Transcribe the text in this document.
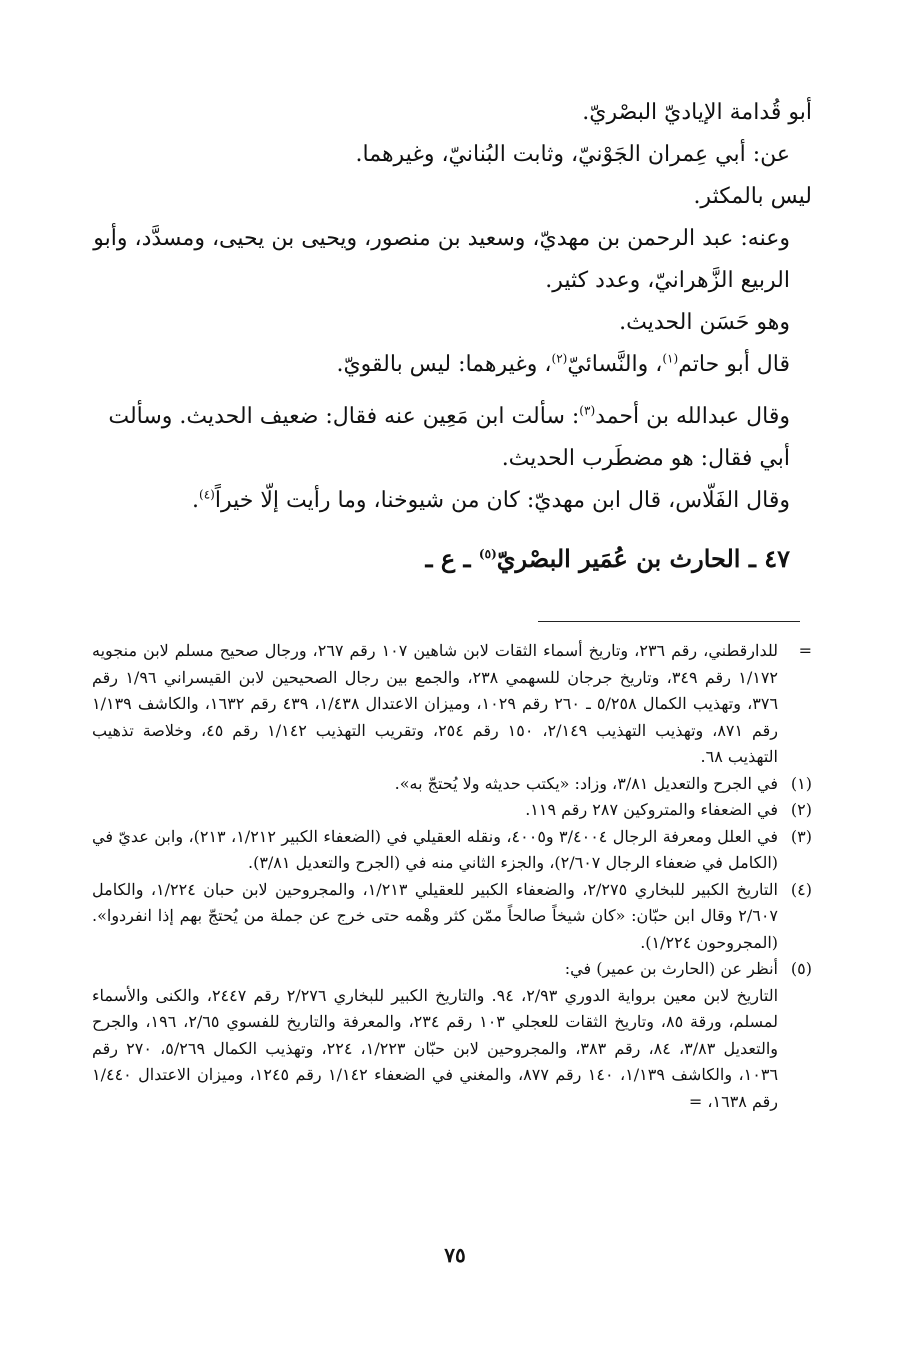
أبو قُدامة الإياديّ البصْريّ.

عن: أبي عِمران الجَوْنيّ، وثابت البُنانيّ، وغيرهما.

ليس بالمكثر.

وعنه: عبد الرحمن بن مهديّ، وسعيد بن منصور، ويحيى بن يحيى، ومسدَّد، وأبو الربيع الزَّهرانيّ، وعدد كثير.

وهو حَسَن الحديث.

قال أبو حاتم$^{(١)}$، والنَّسائيّ$^{(٢)}$، وغيرهما: ليس بالقويّ.

وقال عبدالله بن أحمد$^{(٣)}$: سألت ابن مَعِين عنه فقال: ضعيف الحديث. وسألت أبي فقال: هو مضطَرب الحديث.

وقال الفَلّاس، قال ابن مهديّ: كان من شيوخنا، وما رأيت إلّا خيراً$^{(٤)}$.

٤٧ ـ الحارث بن عُمَير البصْريّ$^{(٥)}$ ـ ع ـ

=
للدارقطني، رقم ٢٣٦، وتاريخ أسماء الثقات لابن شاهين ١٠٧ رقم ٢٦٧، ورجال صحيح مسلم لابن منجويه ١/١٧٢ رقم ٣٤٩، وتاريخ جرجان للسهمي ٢٣٨، والجمع بين رجال الصحيحين لابن القيسراني ١/٩٦ رقم ٣٧٦، وتهذيب الكمال ٥/٢٥٨ ـ ٢٦٠ رقم ١٠٢٩، وميزان الاعتدال ١/٤٣٨، ٤٣٩ رقم ١٦٣٢، والكاشف ١/١٣٩ رقم ٨٧١، وتهذيب التهذيب ٢/١٤٩، ١٥٠ رقم ٢٥٤، وتقريب التهذيب ١/١٤٢ رقم ٤٥، وخلاصة تذهيب التهذيب ٦٨.
(١)
في الجرح والتعديل ٣/٨١، وزاد: «يكتب حديثه ولا يُحتجّ به».
(٢)
في الضعفاء والمتروكين ٢٨٧ رقم ١١٩.
(٣)
في العلل ومعرفة الرجال ٣/٤٠٠٤ و٤٠٠٥، ونقله العقيلي في (الضعفاء الكبير ١/٢١٢، ٢١٣)، وابن عديّ في (الكامل في ضعفاء الرجال ٢/٦٠٧)، والجزء الثاني منه في (الجرح والتعديل ٣/٨١).
(٤)
التاريخ الكبير للبخاري ٢/٢٧٥، والضعفاء الكبير للعقيلي ١/٢١٣، والمجروحين لابن حبان ١/٢٢٤، والكامل ٢/٦٠٧ وقال ابن حبّان: «كان شيخاً صالحاً ممّن كثر وهْمه حتى خرج عن جملة من يُحتجّ بهم إذا انفردوا». (المجروحون ١/٢٢٤).
(٥)
أنظر عن (الحارث بن عمير) في:
التاريخ لابن معين برواية الدوري ٢/٩٣، ٩٤. والتاريخ الكبير للبخاري ٢/٢٧٦ رقم ٢٤٤٧، والكنى والأسماء لمسلم، ورقة ٨٥، وتاريخ الثقات للعجلي ١٠٣ رقم ٢٣٤، والمعرفة والتاريخ للفسوي ٢/٦٥، ١٩٦، والجرح والتعديل ٣/٨٣، ٨٤، رقم ٣٨٣، والمجروحين لابن حبّان ١/٢٢٣، ٢٢٤، وتهذيب الكمال ٥/٢٦٩، ٢٧٠ رقم ١٠٣٦، والكاشف ١/١٣٩، ١٤٠ رقم ٨٧٧، والمغني في الضعفاء ١/١٤٢ رقم ١٢٤٥، وميزان الاعتدال ١/٤٤٠ رقم ١٦٣٨، =
٧٥
